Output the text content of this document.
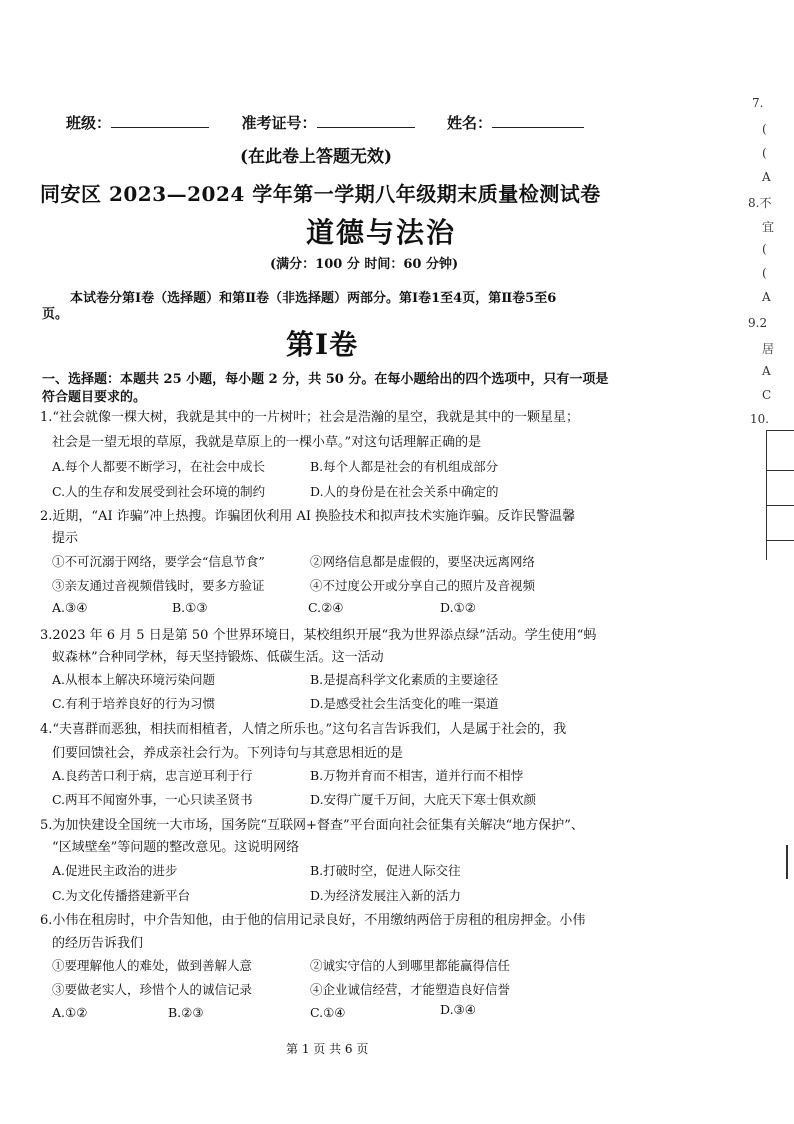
班级：	准考证号：	姓名：
(在此卷上答题无效)
同安区 2023—2024 学年第一学期八年级期末质量检测试卷
道德与法治
(满分：100 分 时间：60 分钟)
本试卷分第Ⅰ卷（选择题）和第Ⅱ卷（非选择题）两部分。第Ⅰ卷1至4页，第Ⅱ卷5至6
页。
第Ⅰ卷
一、选择题：本题共 25 小题，每小题 2 分，共 50 分。在每小题给出的四个选项中，只有一项是
符合题目要求的。
1.“社会就像一棵大树，我就是其中的一片树叶；社会是浩瀚的星空，我就是其中的一颗星星；
社会是一望无垠的草原，我就是草原上的一棵小草。”对这句话理解正确的是
A.每个人都要不断学习，在社会中成长	B.每个人都是社会的有机组成部分
C.人的生存和发展受到社会环境的制约	D.人的身份是在社会关系中确定的
2.近期，“AI 诈骗”冲上热搜。诈骗团伙利用 AI 换脸技术和拟声技术实施诈骗。反诈民警温馨
提示
①不可沉溺于网络，要学会“信息节食”	②网络信息都是虚假的，要坚决远离网络
③亲友通过音视频借钱时，要多方验证	④不过度公开或分享自己的照片及音视频
A.③④	B.①③	C.②④	D.①②
3.2023 年 6 月 5 日是第 50 个世界环境日，某校组织开展“我为世界添点绿”活动。学生使用“蚂
蚁森林”合种同学林，每天坚持锻炼、低碳生活。这一活动
A.从根本上解决环境污染问题	B.是提高科学文化素质的主要途径
C.有利于培养良好的行为习惯	D.是感受社会生活变化的唯一渠道
4.“夫喜群而恶独，相扶而相植者，人情之所乐也。”这句名言告诉我们，人是属于社会的，我
们要回馈社会，养成亲社会行为。下列诗句与其意思相近的是
A.良药苦口利于病，忠言逆耳利于行	B.万物并育而不相害，道并行而不相悖
C.两耳不闻窗外事，一心只读圣贤书	D.安得广厦千万间，大庇天下寒士俱欢颜
5.为加快建设全国统一大市场，国务院“互联网+督查”平台面向社会征集有关解决“地方保护”、
“区域壁垒”等问题的整改意见。这说明网络
A.促进民主政治的进步	B.打破时空，促进人际交往
C.为文化传播搭建新平台	D.为经济发展注入新的活力
6.小伟在租房时，中介告知他，由于他的信用记录良好，不用缴纳两倍于房租的租房押金。小伟
的经历告诉我们
①要理解他人的难处，做到善解人意	②诚实守信的人到哪里都能赢得信任
③要做老实人，珍惜个人的诚信记录	④企业诚信经营，才能塑造良好信誉
A.①②	B.②③	C.①④	D.③④
第 1 页 共 6 页
7.
(
(
A
8.不
宜
(
(
A
9.2
居
A
C
10.
